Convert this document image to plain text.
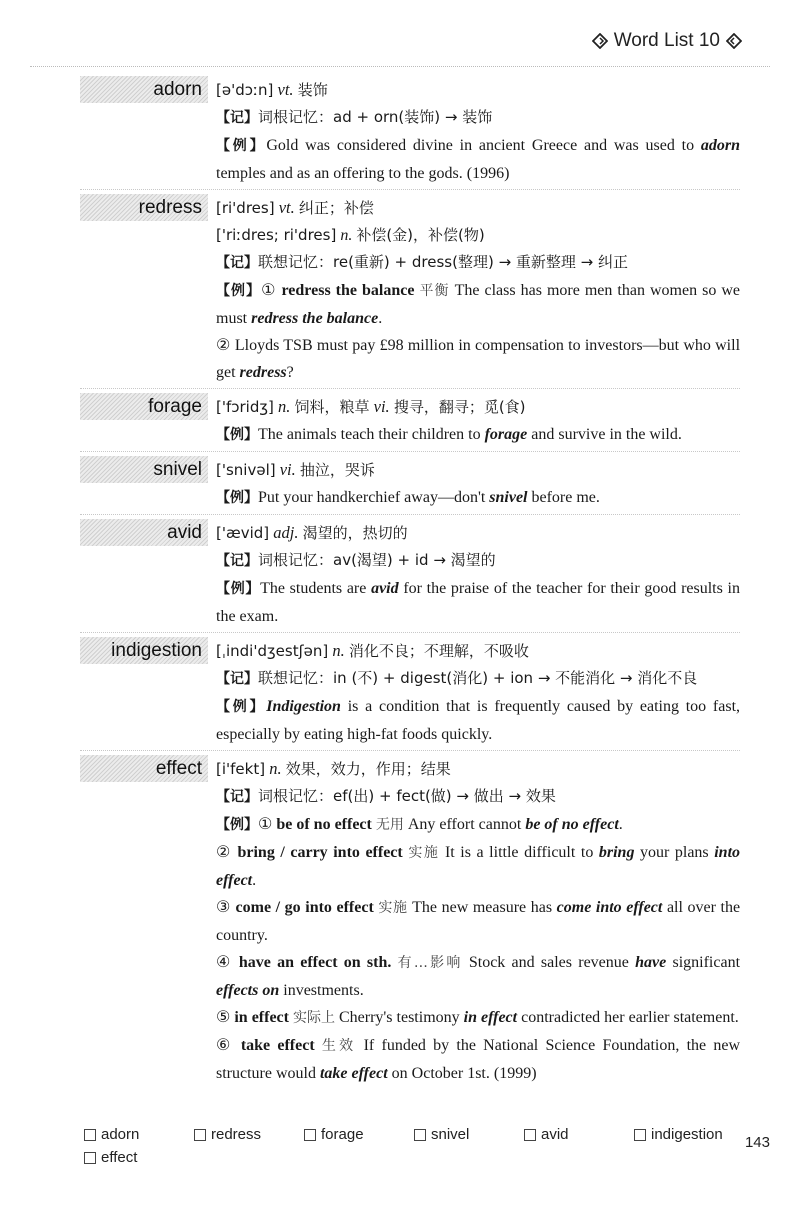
Word List 10
adorn [ə'dɔːn] vt. 装饰

【记】词根记忆：ad + orn(装饰) → 装饰

【例】Gold was considered divine in ancient Greece and was used to adorn temples and as an offering to the gods. (1996)

redress [ri'dres] vt. 纠正；补偿

['riːdres; ri'dres] n. 补偿(金)，补偿(物)

【记】联想记忆：re(重新) + dress(整理) → 重新整理 → 纠正

【例】① redress the balance 平衡 The class has more men than women so we must redress the balance.

② Lloyds TSB must pay £98 million in compensation to investors—but who will get redress?

forage ['fɔridʒ] n. 饲料，粮草 vi. 搜寻，翻寻；觅(食)

【例】The animals teach their children to forage and survive in the wild.

snivel ['snivəl] vi. 抽泣，哭诉

【例】Put your handkerchief away—don't snivel before me.

avid ['ævid] adj. 渴望的，热切的

【记】词根记忆：av(渴望) + id → 渴望的

【例】The students are avid for the praise of the teacher for their good results in the exam.

indigestion [ˌindi'dʒestʃən] n. 消化不良；不理解，不吸收

【记】联想记忆：in (不) + digest(消化) + ion → 不能消化 → 消化不良

【例】Indigestion is a condition that is frequently caused by eating too fast, especially by eating high-fat foods quickly.

effect [i'fekt] n. 效果，效力，作用；结果

【记】词根记忆：ef(出) + fect(做) → 做出 → 效果

【例】① be of no effect 无用 Any effort cannot be of no effect.

② bring / carry into effect 实施 It is a little difficult to bring your plans into effect.

③ come / go into effect 实施 The new measure has come into effect all over the country.

④ have an effect on sth. 有…影响 Stock and sales revenue have significant effects on investments.

⑤ in effect 实际上 Cherry's testimony in effect contradicted her earlier statement.

⑥ take effect 生效 If funded by the National Science Foundation, the new structure would take effect on October 1st. (1999)

adorn	redress	forage	snivel	avid	indigestion
effect
143
